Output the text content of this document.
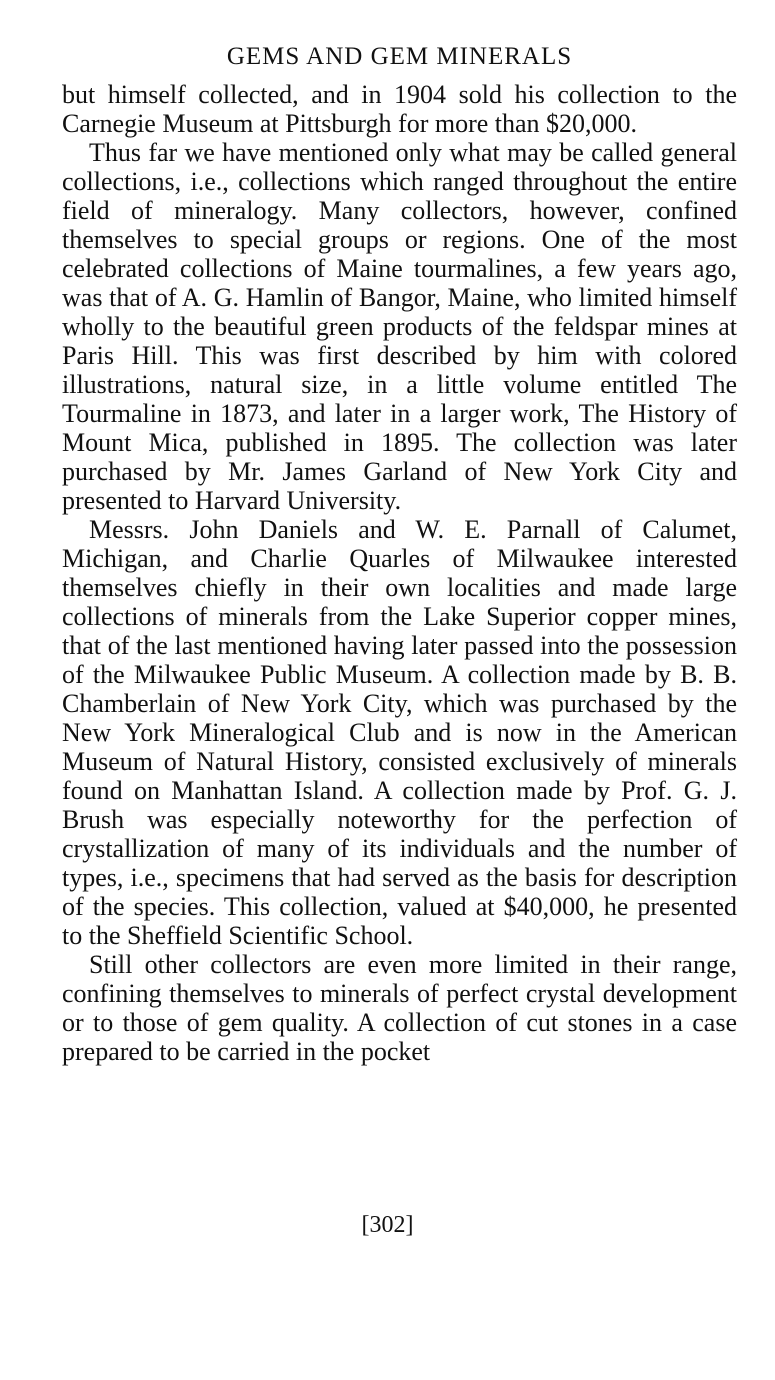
GEMS AND GEM MINERALS

but himself collected, and in 1904 sold his collection to the Carnegie Museum at Pittsburgh for more than $20,000.

Thus far we have mentioned only what may be called general collections, i.e., collections which ranged throughout the entire field of mineralogy. Many collectors, however, confined themselves to special groups or regions. One of the most celebrated collections of Maine tourmalines, a few years ago, was that of A. G. Hamlin of Bangor, Maine, who limited himself wholly to the beautiful green products of the feldspar mines at Paris Hill. This was first described by him with colored illustrations, natural size, in a little volume entitled The Tourmaline in 1873, and later in a larger work, The History of Mount Mica, published in 1895. The collection was later purchased by Mr. James Garland of New York City and presented to Harvard University.

Messrs. John Daniels and W. E. Parnall of Calumet, Michigan, and Charlie Quarles of Milwaukee interested themselves chiefly in their own localities and made large collections of minerals from the Lake Superior copper mines, that of the last mentioned having later passed into the possession of the Milwaukee Public Museum. A collection made by B. B. Chamberlain of New York City, which was purchased by the New York Mineralogical Club and is now in the American Museum of Natural History, consisted exclusively of minerals found on Manhattan Island. A collection made by Prof. G. J. Brush was especially noteworthy for the perfection of crystallization of many of its individuals and the number of types, i.e., specimens that had served as the basis for description of the species. This collection, valued at $40,000, he presented to the Sheffield Scientific School.

Still other collectors are even more limited in their range, confining themselves to minerals of perfect crystal development or to those of gem quality. A collection of cut stones in a case prepared to be carried in the pocket

[302]
